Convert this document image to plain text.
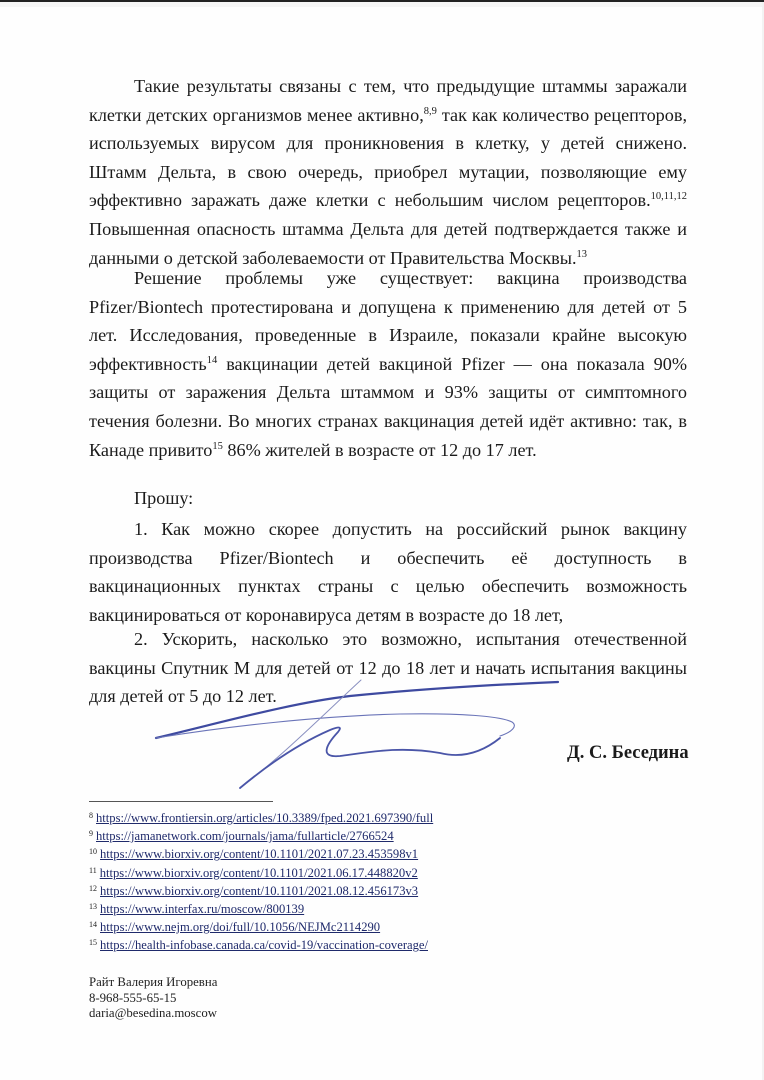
Такие результаты связаны с тем, что предыдущие штаммы заражали клетки детских организмов менее активно,$^{8,9}$ так как количество рецепторов, используемых вирусом для проникновения в клетку, у детей снижено. Штамм Дельта, в свою очередь, приобрел мутации, позволяющие ему эффективно заражать даже клетки с небольшим числом рецепторов.$^{10,11,12}$ Повышенная опасность штамма Дельта для детей подтверждается также и данными о детской заболеваемости от Правительства Москвы.$^{13}$

Решение проблемы уже существует: вакцина производства Pfizer/Biontech протестирована и допущена к применению для детей от 5 лет. Исследования, проведенные в Израиле, показали крайне высокую эффективность$^{14}$ вакцинации детей вакциной Pfizer — она показала 90% защиты от заражения Дельта штаммом и 93% защиты от симптомного течения болезни. Во многих странах вакцинация детей идёт активно: так, в Канаде привито$^{15}$ 86% жителей в возрасте от 12 до 17 лет.

Прошу:

1. Как можно скорее допустить на российский рынок вакцину производства Pfizer/Biontech и обеспечить её доступность в вакцинационных пунктах страны с целью обеспечить возможность вакцинироваться от коронавируса детям в возрасте до 18 лет,

2. Ускорить, насколько это возможно, испытания отечественной вакцины Спутник М для детей от 12 до 18 лет и начать испытания вакцины для детей от 5 до 12 лет.

Д. С. Беседина
$^8$ https://www.frontiersin.org/articles/10.3389/fped.2021.697390/full
$^9$ https://jamanetwork.com/journals/jama/fullarticle/2766524
$^{10}$ https://www.biorxiv.org/content/10.1101/2021.07.23.453598v1
$^{11}$ https://www.biorxiv.org/content/10.1101/2021.06.17.448820v2
$^{12}$ https://www.biorxiv.org/content/10.1101/2021.08.12.456173v3
$^{13}$ https://www.interfax.ru/moscow/800139
$^{14}$ https://www.nejm.org/doi/full/10.1056/NEJMc2114290
$^{15}$ https://health-infobase.canada.ca/covid-19/vaccination-coverage/
Райт Валерия Игоревна
8-968-555-65-15
daria@besedina.moscow
